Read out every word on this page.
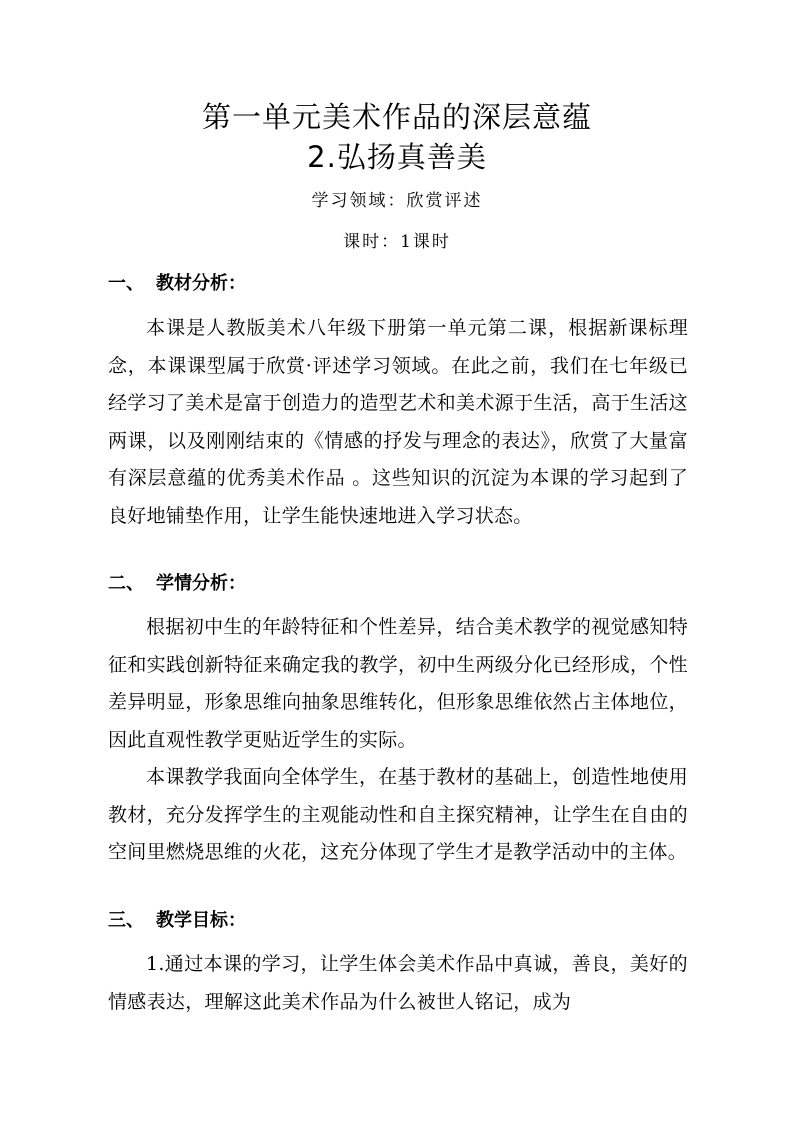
第一单元美术作品的深层意蕴
2.弘扬真善美
学习领域：欣赏评述
课时：1课时
一、 教材分析：
本课是人教版美术八年级下册第一单元第二课，根据新课标理念，本课课型属于欣赏·评述学习领域。在此之前，我们在七年级已经学习了美术是富于创造力的造型艺术和美术源于生活，高于生活这两课，以及刚刚结束的《情感的抒发与理念的表达》，欣赏了大量富有深层意蕴的优秀美术作品 。这些知识的沉淀为本课的学习起到了良好地铺垫作用，让学生能快速地进入学习状态。
二、 学情分析：
根据初中生的年龄特征和个性差异，结合美术教学的视觉感知特征和实践创新特征来确定我的教学，初中生两级分化已经形成，个性差异明显，形象思维向抽象思维转化，但形象思维依然占主体地位，因此直观性教学更贴近学生的实际。
本课教学我面向全体学生，在基于教材的基础上，创造性地使用教材，充分发挥学生的主观能动性和自主探究精神，让学生在自由的空间里燃烧思维的火花，这充分体现了学生才是教学活动中的主体。
三、 教学目标：
1.通过本课的学习，让学生体会美术作品中真诚，善良，美好的情感表达，理解这此美术作品为什么被世人铭记，成为
